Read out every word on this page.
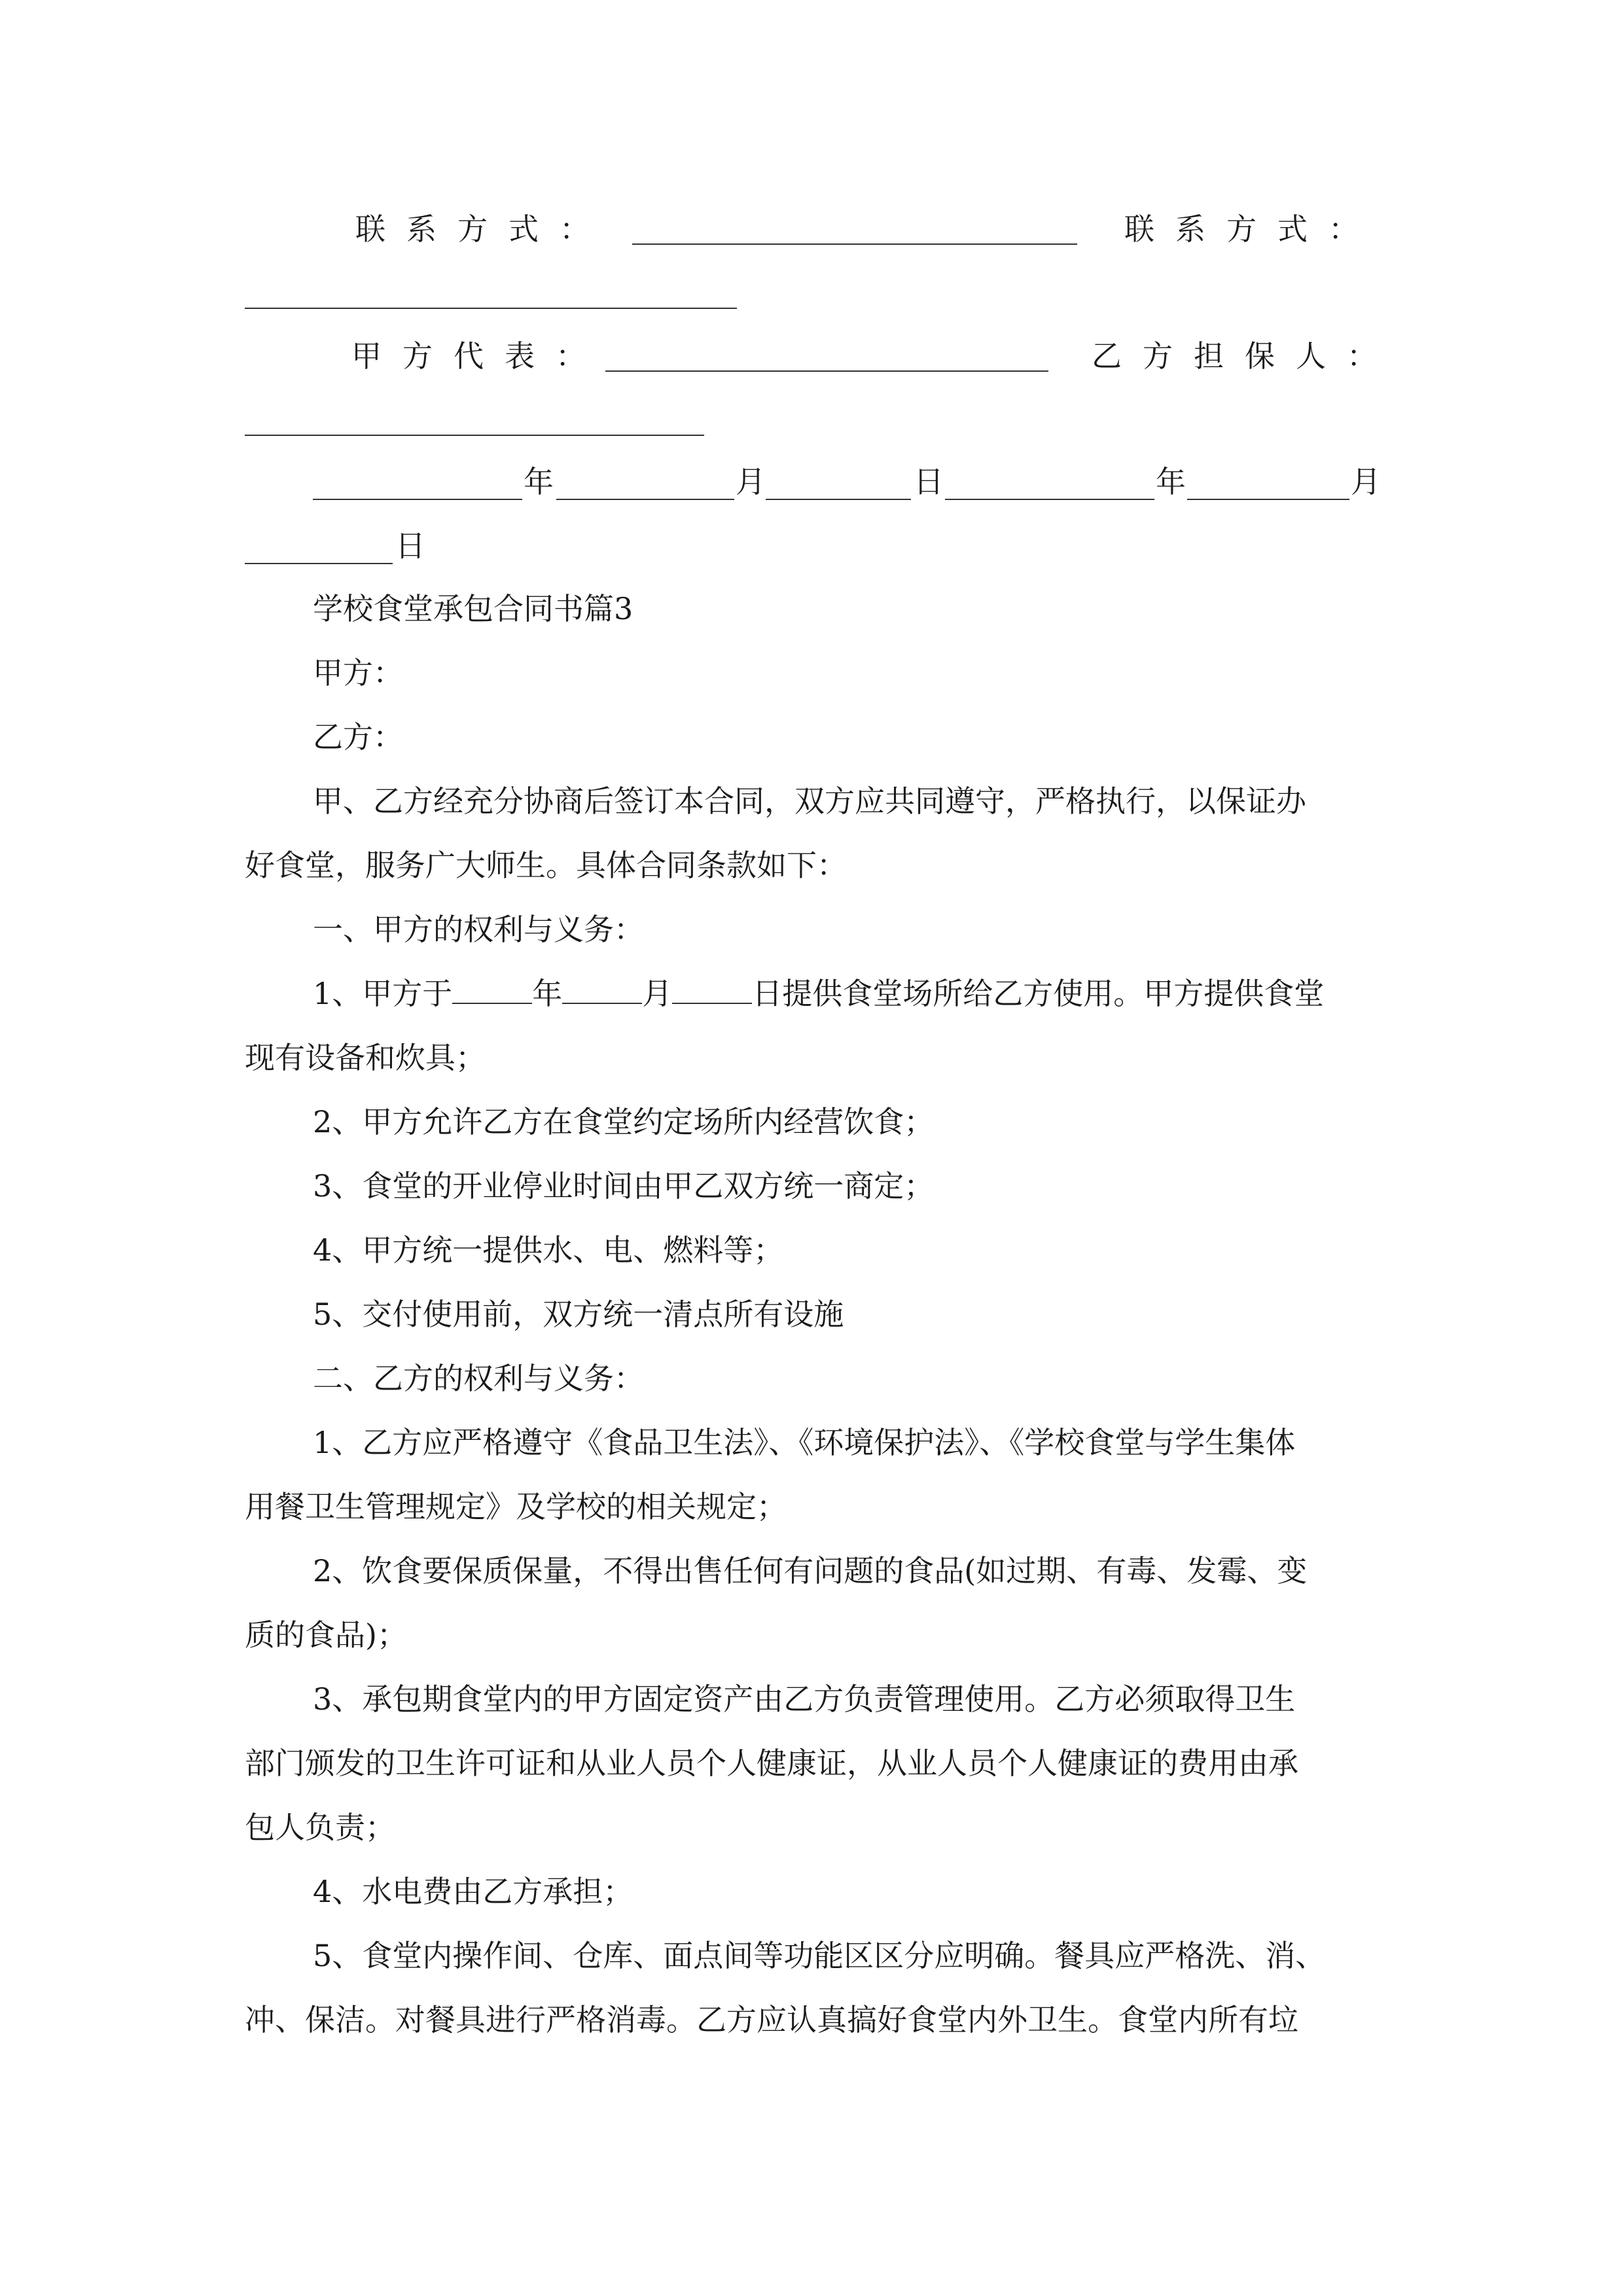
联系方式：	联系方式：
甲方代表：	乙方担保人：
年	月	日	年	月
日
学校食堂承包合同书篇3
甲方：
乙方：
甲、乙方经充分协商后签订本合同，双方应共同遵守，严格执行，以保证办
好食堂，服务广大师生。具体合同条款如下：
一、甲方的权利与义务：
1、甲方于	年	月	日提供食堂场所给乙方使用。甲方提供食堂
现有设备和炊具；
2、甲方允许乙方在食堂约定场所内经营饮食；
3、食堂的开业停业时间由甲乙双方统一商定；
4、甲方统一提供水、电、燃料等；
5、交付使用前，双方统一清点所有设施
二、乙方的权利与义务：
1、乙方应严格遵守《食品卫生法》、《环境保护法》、《学校食堂与学生集体
用餐卫生管理规定》及学校的相关规定；
2、饮食要保质保量，不得出售任何有问题的食品(如过期、有毒、发霉、变
质的食品)；
3、承包期食堂内的甲方固定资产由乙方负责管理使用。乙方必须取得卫生
部门颁发的卫生许可证和从业人员个人健康证，从业人员个人健康证的费用由承
包人负责；
4、水电费由乙方承担；
5、食堂内操作间、仓库、面点间等功能区区分应明确。餐具应严格洗、消、
冲、保洁。对餐具进行严格消毒。乙方应认真搞好食堂内外卫生。食堂内所有垃
